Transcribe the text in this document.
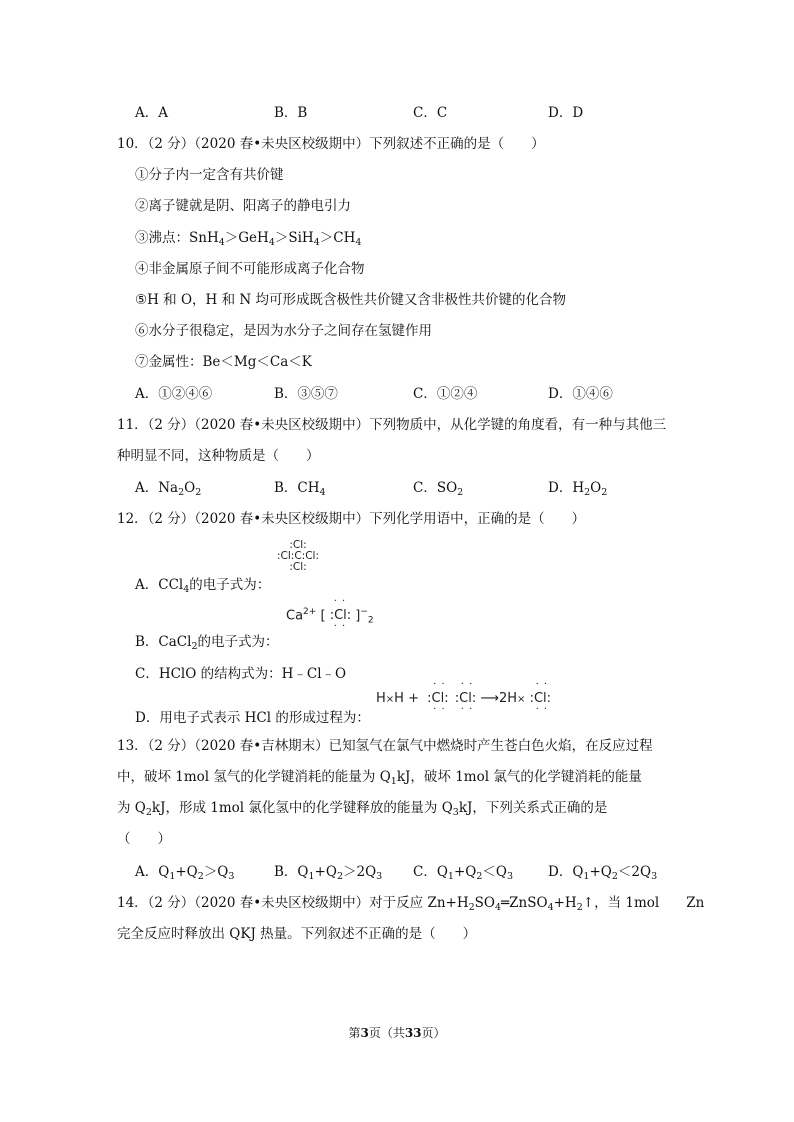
A．A	B．B	C．C	D．D
10．（2 分）（2020 春•未央区校级期中）下列叙述不正确的是（　　）
①分子内一定含有共价键
②离子键就是阴、阳离子的静电引力
③沸点：$SnH_4>GeH_4>SiH_4>CH_4$
④非金属原子间不可能形成离子化合物
⑤H 和 O，H 和 N 均可形成既含极性共价键又含非极性共价键的化合物
⑥水分子很稳定，是因为水分子之间存在氢键作用
⑦金属性：Be＜Mg＜Ca＜K
A．①②④⑥	B．③⑤⑦	C．①②④	D．①④⑥
11．（2 分）（2020 春•未央区校级期中）下列物质中，从化学键的角度看，有一种与其他三
种明显不同，这种物质是（　　）
A．$Na_2O_2$	B．$CH_4$	C．$SO_2$	D．$H_2O_2$
12．（2 分）（2020 春•未央区校级期中）下列化学用语中，正确的是（　　）
:Cl:
:Cl:C:Cl:
:Cl:
A．CCl$_4$的电子式为：
$Ca^{2+}$ [
· ·
:Cl:
· ·
]$^-_2$
B．CaCl$_2$的电子式为：
C．HClO 的结构式为：H﹣Cl﹣O
H×H +
· ·
:Cl:
· ·
· ·
:Cl:
· ·
⟶2H×
· ·
:Cl:
· ·
D．用电子式表示 HCl 的形成过程为：
13．（2 分）（2020 春•吉林期末）已知氢气在氯气中燃烧时产生苍白色火焰，在反应过程
中，破坏 1mol 氢气的化学键消耗的能量为 $Q_1kJ$，破坏 1mol 氯气的化学键消耗的能量
为 $Q_2kJ$，形成 1mol 氯化氢中的化学键释放的能量为 $Q_3kJ$，下列关系式正确的是
（　　）
A．$Q_1+Q_2>Q_3$	B．$Q_1+Q_2>2Q_3$ C．$Q_1+Q_2<Q_3$	D．$Q_1+Q_2<2Q_3$
14．（2 分）（2020 春•未央区校级期中）对于反应 $Zn+H_2SO_4═ZnSO_4+H_2↑$，当 1mol　　Zn
完全反应时释放出 QKJ 热量。下列叙述不正确的是（　　）
第3页（共33页）
